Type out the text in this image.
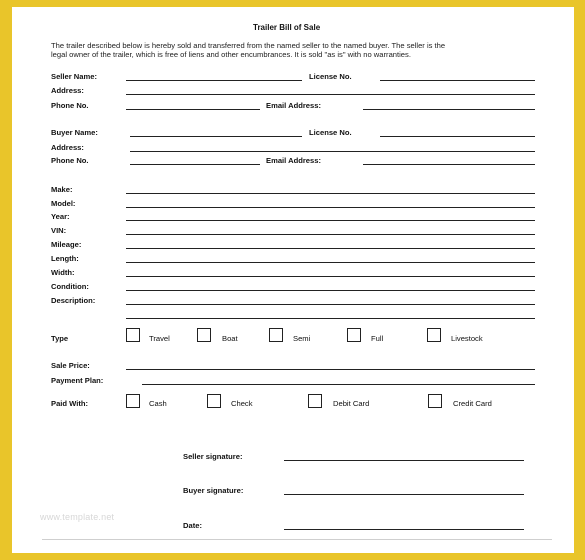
Trailer Bill of Sale
The trailer described below is hereby sold and transferred from the named seller to the named buyer. The seller is the
legal owner of the trailer, which is free of liens and other encumbrances. It is sold "as is" with no warranties.
Seller Name:	License No.
Address:
Phone No.	Email Address:
Buyer Name:	License No.
Address:
Phone No.	Email Address:
Make:
Model:
Year:
VIN:
Mileage:
Length:
Width:
Condition:
Description:
Type	Travel	Boat	Semi	Full	Livestock
Sale Price:
Payment Plan:
Paid With:	Cash	Check	Debit Card	Credit Card
Seller signature:
Buyer signature:
Date:
www.template.net
